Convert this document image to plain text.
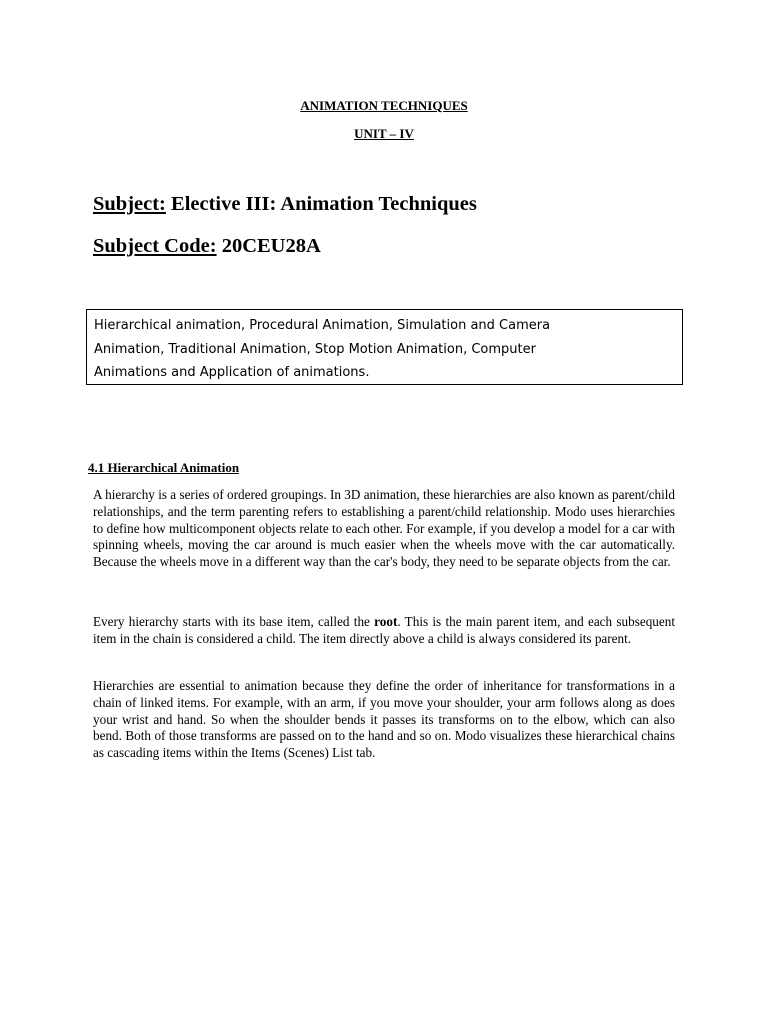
ANIMATION TECHNIQUES
UNIT – IV
Subject: Elective III: Animation Techniques
Subject Code: 20CEU28A
Hierarchical animation, Procedural Animation, Simulation and Camera
Animation, Traditional Animation, Stop Motion Animation, Computer
Animations and Application of animations.
4.1 Hierarchical Animation

A hierarchy is a series of ordered groupings. In 3D animation, these hierarchies are also known as parent/child relationships, and the term parenting refers to establishing a parent/child relationship. Modo uses hierarchies to define how multicomponent objects relate to each other. For example, if you develop a model for a car with spinning wheels, moving the car around is much easier when the wheels move with the car automatically. Because the wheels move in a different way than the car's body, they need to be separate objects from the car.

Every hierarchy starts with its base item, called the root. This is the main parent item, and each subsequent item in the chain is considered a child. The item directly above a child is always considered its parent.

Hierarchies are essential to animation because they define the order of inheritance for transformations in a chain of linked items. For example, with an arm, if you move your shoulder, your arm follows along as does your wrist and hand. So when the shoulder bends it passes its transforms on to the elbow, which can also bend. Both of those transforms are passed on to the hand and so on. Modo visualizes these hierarchical chains as cascading items within the Items (Scenes) List tab.
